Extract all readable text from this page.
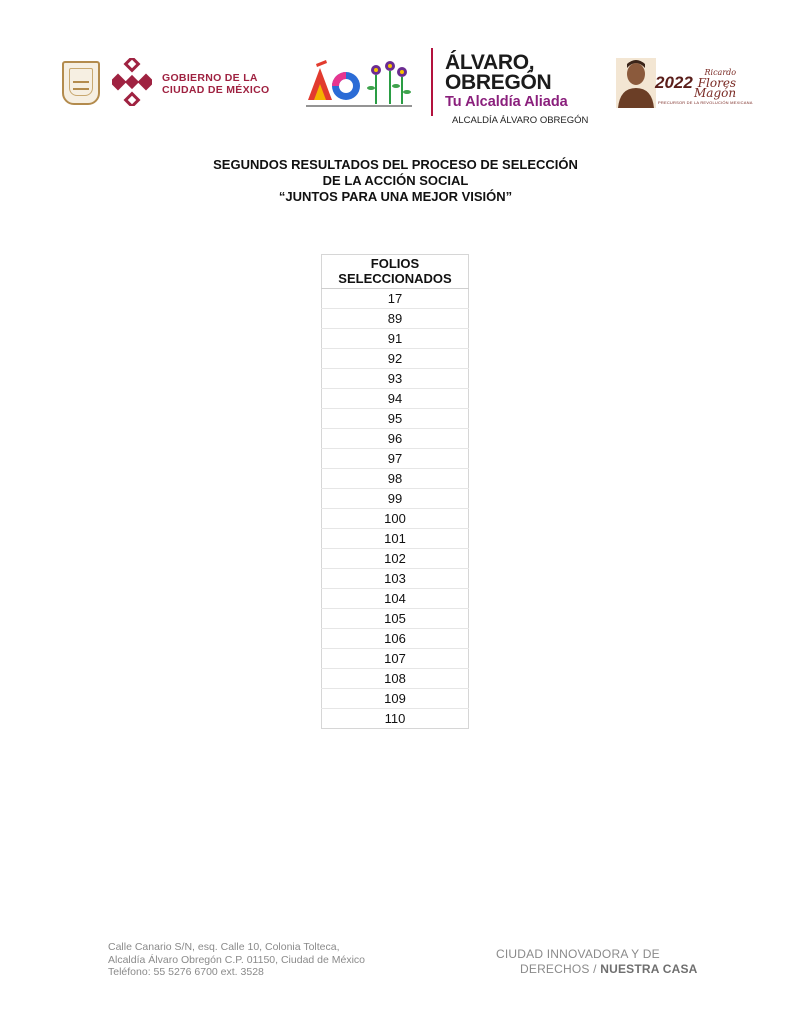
GOBIERNO DE LA
CIUDAD DE MÉXICO
ÁLVARO,
OBREGÓN
Tu Alcaldía Aliada
ALCALDÍA ÁLVARO OBREGÓN
2022
Ricardo
Flores
Magón
PRECURSOR DE LA REVOLUCIÓN MEXICANA
SEGUNDOS RESULTADOS DEL PROCESO DE SELECCIÓN
DE LA ACCIÓN SOCIAL
“JUNTOS PARA UNA MEJOR VISIÓN”
FOLIOS
SELECCIONADOS

17
89
91
92
93
94
95
96
97
98
99
100
101
102
103
104
105
106
107
108
109
110
Calle Canario S/N, esq. Calle 10, Colonia Tolteca,
Alcaldía Álvaro Obregón C.P. 01150, Ciudad de México
Teléfono: 55 5276 6700 ext. 3528
CIUDAD INNOVADORA Y DE
DERECHOS / NUESTRA CASA
